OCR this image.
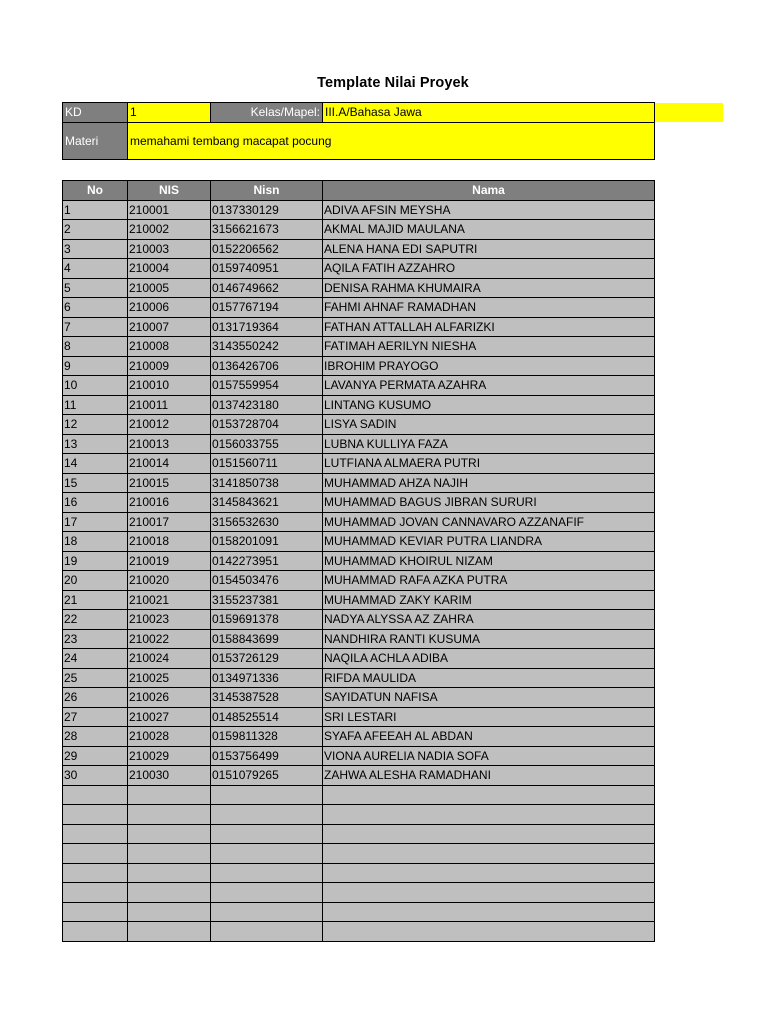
Template Nilai Proyek
KD	1	Kelas/Mapel:	III.A/Bahasa Jawa
Materi	memahami tembang macapat pocung		
No	NIS	Nisn	Nama
1	210001	0137330129	ADIVA AFSIN MEYSHA
2	210002	3156621673	AKMAL MAJID MAULANA
3	210003	0152206562	ALENA HANA EDI SAPUTRI
4	210004	0159740951	AQILA FATIH AZZAHRO
5	210005	0146749662	DENISA RAHMA KHUMAIRA
6	210006	0157767194	FAHMI AHNAF RAMADHAN
7	210007	0131719364	FATHAN ATTALLAH ALFARIZKI
8	210008	3143550242	FATIMAH AERILYN NIESHA
9	210009	0136426706	IBROHIM PRAYOGO
10	210010	0157559954	LAVANYA PERMATA AZAHRA
11	210011	0137423180	LINTANG KUSUMO
12	210012	0153728704	LISYA SADIN
13	210013	0156033755	LUBNA KULLIYA FAZA
14	210014	0151560711	LUTFIANA ALMAERA PUTRI
15	210015	3141850738	MUHAMMAD AHZA NAJIH
16	210016	3145843621	MUHAMMAD BAGUS JIBRAN SURURI
17	210017	3156532630	MUHAMMAD JOVAN CANNAVARO AZZANAFIF
18	210018	0158201091	MUHAMMAD KEVIAR PUTRA LIANDRA
19	210019	0142273951	MUHAMMAD KHOIRUL NIZAM
20	210020	0154503476	MUHAMMAD RAFA AZKA PUTRA
21	210021	3155237381	MUHAMMAD ZAKY KARIM
22	210023	0159691378	NADYA ALYSSA AZ ZAHRA
23	210022	0158843699	NANDHIRA RANTI KUSUMA
24	210024	0153726129	NAQILA ACHLA ADIBA
25	210025	0134971336	RIFDA MAULIDA
26	210026	3145387528	SAYIDATUN NAFISA
27	210027	0148525514	SRI LESTARI
28	210028	0159811328	SYAFA AFEEAH AL ABDAN
29	210029	0153756499	VIONA AURELIA NADIA SOFA
30	210030	0151079265	ZAHWA ALESHA RAMADHANI
